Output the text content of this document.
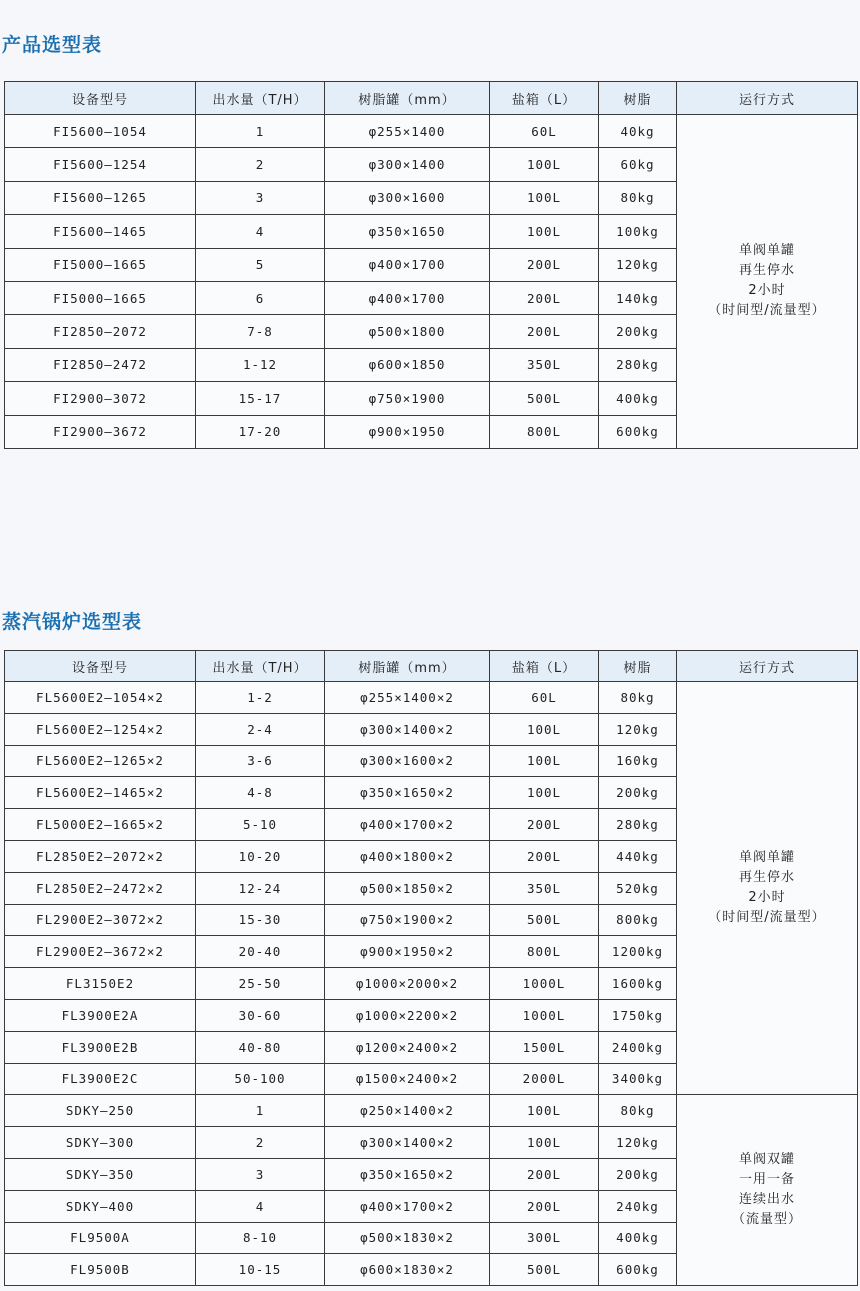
产品选型表
设备型号	出水量（T/H）	树脂罐（mm）	盐箱（L）	树脂	运行方式
FI5600—1054	1	φ255×1400	60L	40kg	单阀单罐
再生停水
2小时
（时间型/流量型）

FI5600—1254	2	φ300×1400	100L	60kg	
FI5600—1265	3	φ300×1600	100L	80kg	
FI5600—1465	4	φ350×1650	100L	100kg	
FI5000—1665	5	φ400×1700	200L	120kg	
FI5000—1665	6	φ400×1700	200L	140kg	
FI2850—2072	7-8	φ500×1800	200L	200kg	
FI2850—2472	1-12	φ600×1850	350L	280kg	
FI2900—3072	15-17	φ750×1900	500L	400kg	
FI2900—3672	17-20	φ900×1950	800L	600kg	
蒸汽锅炉选型表
设备型号	出水量（T/H）	树脂罐（mm）	盐箱（L）	树脂	运行方式
FL5600E2—1054×2	1-2	φ255×1400×2	60L	80kg	单阀单罐
再生停水
2小时
（时间型/流量型）

FL5600E2—1254×2	2-4	φ300×1400×2	100L	120kg	
FL5600E2—1265×2	3-6	φ300×1600×2	100L	160kg	
FL5600E2—1465×2	4-8	φ350×1650×2	100L	200kg	
FL5000E2—1665×2	5-10	φ400×1700×2	200L	280kg	
FL2850E2—2072×2	10-20	φ400×1800×2	200L	440kg	
FL2850E2—2472×2	12-24	φ500×1850×2	350L	520kg	
FL2900E2—3072×2	15-30	φ750×1900×2	500L	800kg	
FL2900E2—3672×2	20-40	φ900×1950×2	800L	1200kg	
FL3150E2	25-50	φ1000×2000×2	1000L	1600kg	
FL3900E2A	30-60	φ1000×2200×2	1000L	1750kg	
FL3900E2B	40-80	φ1200×2400×2	1500L	2400kg	
FL3900E2C	50-100	φ1500×2400×2	2000L	3400kg	
SDKY—250	1	φ250×1400×2	100L	80kg	单阀双罐
一用一备
连续出水
（流量型）

SDKY—300	2	φ300×1400×2	100L	120kg	
SDKY—350	3	φ350×1650×2	200L	200kg	
SDKY—400	4	φ400×1700×2	200L	240kg	
FL9500A	8-10	φ500×1830×2	300L	400kg	
FL9500B	10-15	φ600×1830×2	500L	600kg	
